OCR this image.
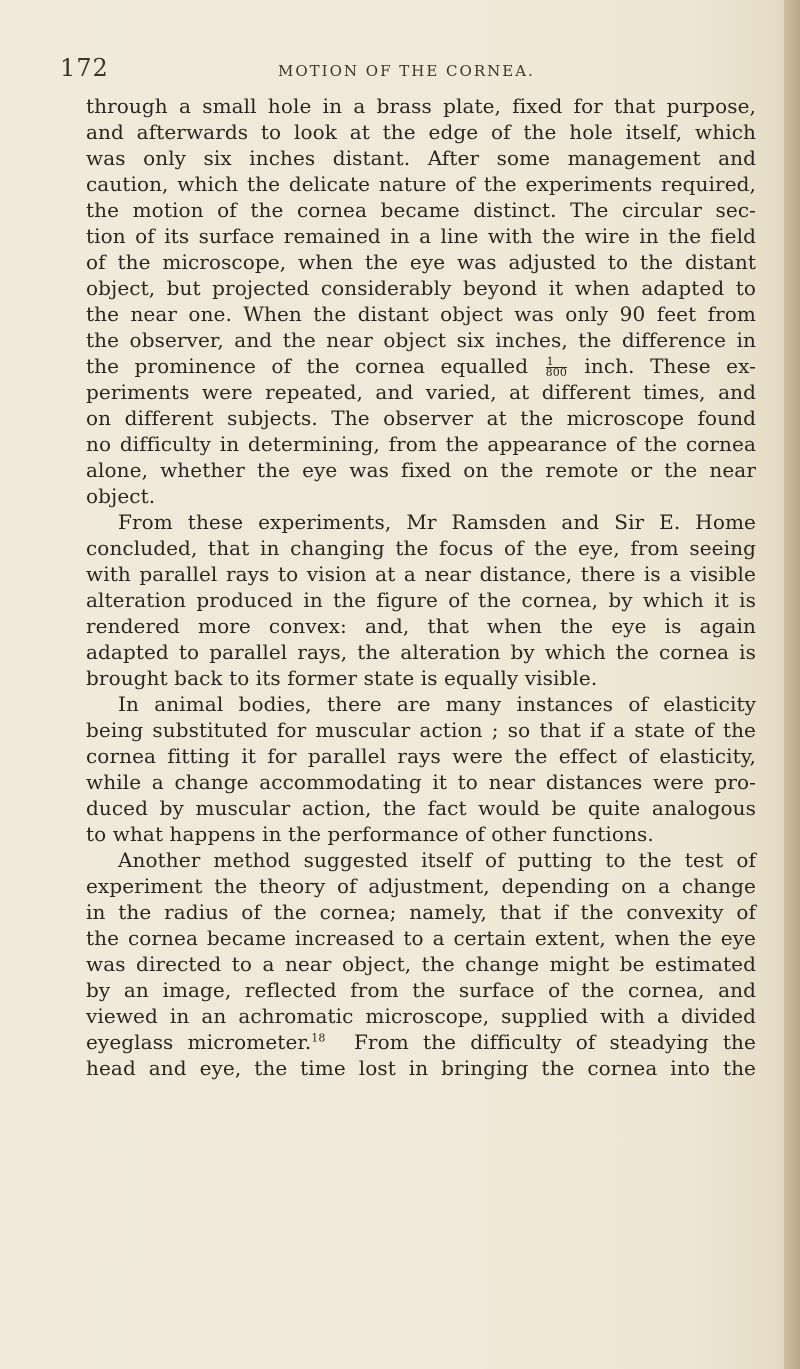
172	MOTION OF THE CORNEA.
through a small hole in a brass plate, fixed for that purpose,
and afterwards to look at the edge of the hole itself, which
was only six inches distant. After some management and
caution, which the delicate nature of the experiments required,
the motion of the cornea became distinct. The circular sec-
tion of its surface remained in a line with the wire in the field
of the microscope, when the eye was adjusted to the distant
object, but projected considerably beyond it when adapted to
the near one. When the distant object was only 90 feet from
the observer, and the near object six inches, the difference in
the prominence of the cornea equalled $\frac{1}{800}$ inch. These ex-
periments were repeated, and varied, at different times, and
on different subjects. The observer at the microscope found
no difficulty in determining, from the appearance of the cornea
alone, whether the eye was fixed on the remote or the near
object.
From these experiments, Mr Ramsden and Sir E. Home
concluded, that in changing the focus of the eye, from seeing
with parallel rays to vision at a near distance, there is a visible
alteration produced in the figure of the cornea, by which it is
rendered more convex: and, that when the eye is again
adapted to parallel rays, the alteration by which the cornea is
brought back to its former state is equally visible.
In animal bodies, there are many instances of elasticity
being substituted for muscular action ; so that if a state of the
cornea fitting it for parallel rays were the effect of elasticity,
while a change accommodating it to near distances were pro-
duced by muscular action, the fact would be quite analogous
to what happens in the performance of other functions.
Another method suggested itself of putting to the test of
experiment the theory of adjustment, depending on a change
in the radius of the cornea; namely, that if the convexity of
the cornea became increased to a certain extent, when the eye
was directed to a near object, the change might be estimated
by an image, reflected from the surface of the cornea, and
viewed in an achromatic microscope, supplied with a divided
eyeglass micrometer.$^{18}$ From the difficulty of steadying the
head and eye, the time lost in bringing the cornea into the
